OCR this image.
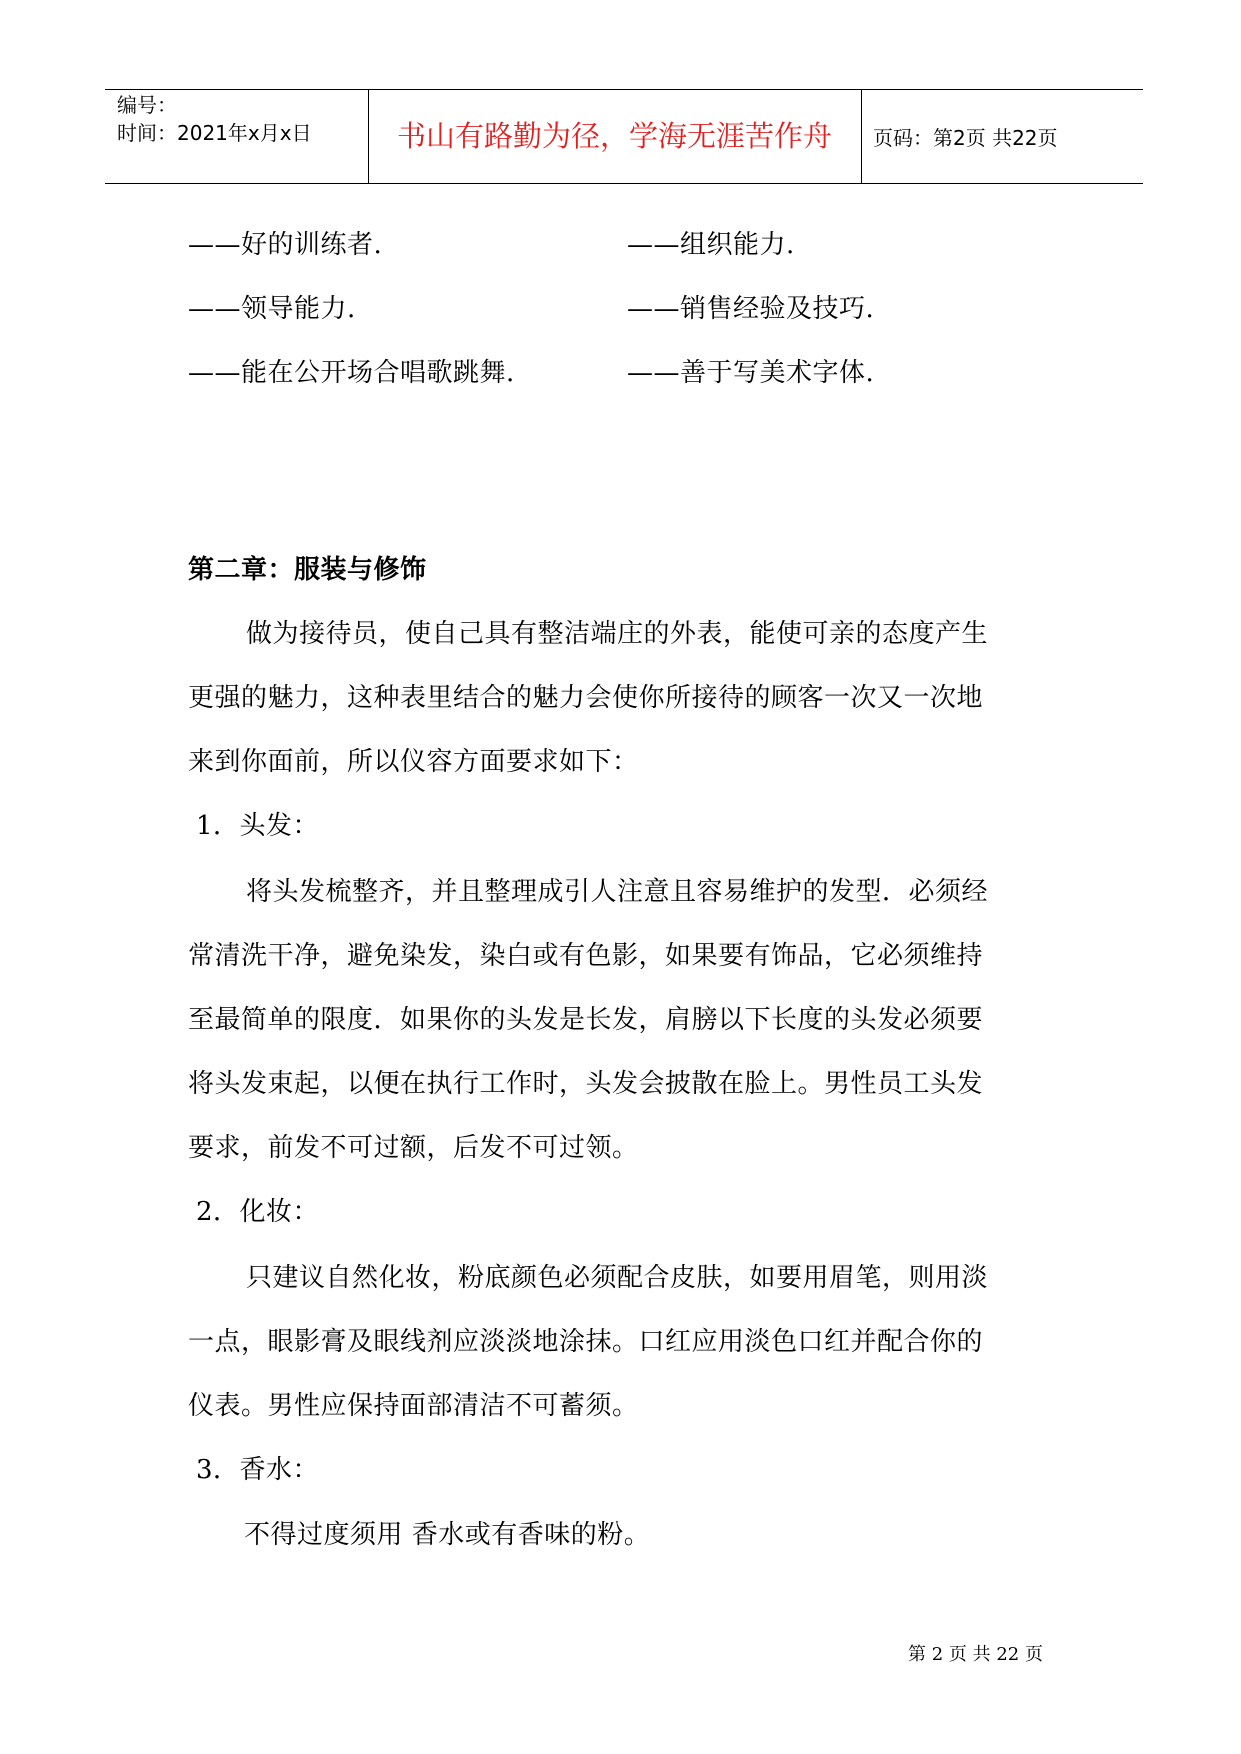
编号：
时间：2021年x月x日	书山有路勤为径，学海无涯苦作舟	页码：第2页 共22页
——好的训练者.
——领导能力.
——能在公开场合唱歌跳舞.
——组织能力.
——销售经验及技巧.
——善于写美术字体.
第二章：服装与修饰
做为接待员，使自己具有整洁端庄的外表，能使可亲的态度产生
更强的魅力，这种表里结合的魅力会使你所接待的顾客一次又一次地
来到你面前，所以仪容方面要求如下：
1．头发：
将头发梳整齐，并且整理成引人注意且容易维护的发型．必须经
常清洗干净，避免染发，染白或有色影，如果要有饰品，它必须维持
至最简单的限度．如果你的头发是长发，肩膀以下长度的头发必须要
将头发束起，以便在执行工作时，头发会披散在脸上。男性员工头发
要求，前发不可过额，后发不可过领。
2．化妆：
只建议自然化妆，粉底颜色必须配合皮肤，如要用眉笔，则用淡
一点，眼影膏及眼线剂应淡淡地涂抹。口红应用淡色口红并配合你的
仪表。男性应保持面部清洁不可蓄须。
3．香水：
不得过度须用 香水或有香味的粉。
第 2 页 共 22 页
